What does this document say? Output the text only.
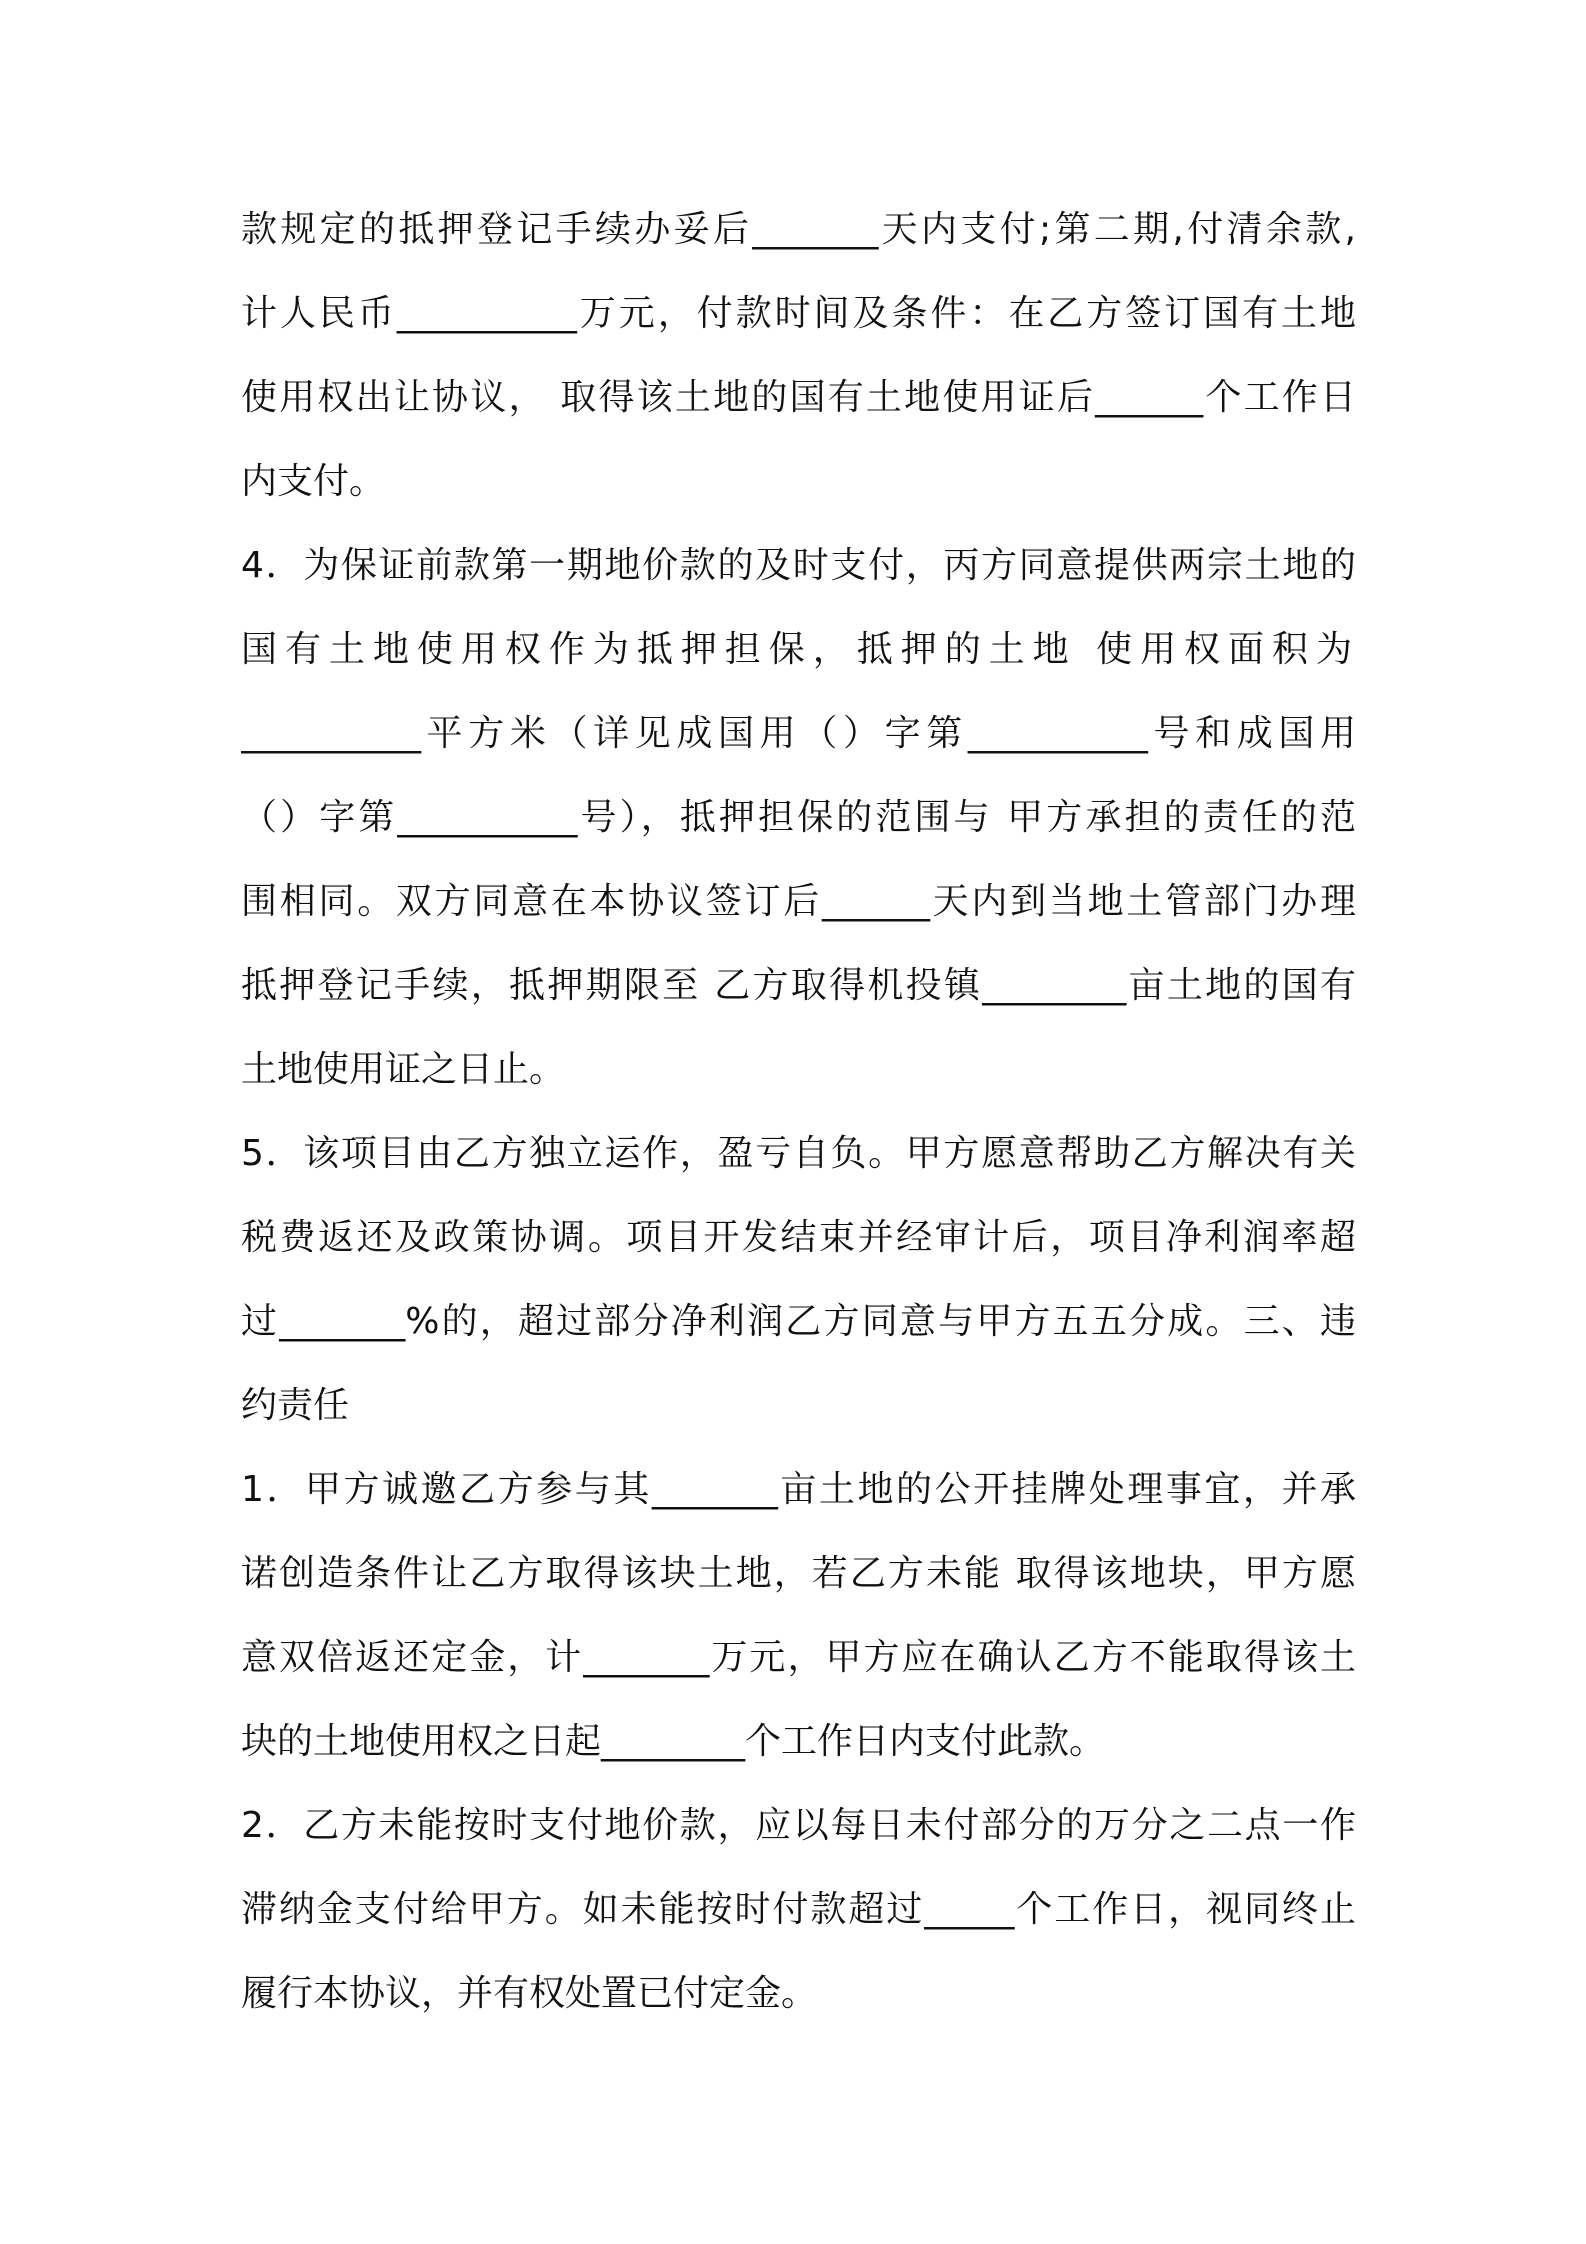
款规定的抵押登记手续办妥后_______天内支付;第二期,付清余款,
计人民币__________万元，付款时间及条件：在乙方签订国有土地
使用权出让协议， 取得该土地的国有土地使用证后______个工作日
内支付。
4．为保证前款第一期地价款的及时支付，丙方同意提供两宗土地的
国有土地使用权作为抵押担保，抵押的土地 使用权面积为
__________平方米（详见成国用（）字第__________号和成国用
（）字第__________号），抵押担保的范围与 甲方承担的责任的范
围相同。双方同意在本协议签订后______天内到当地土管部门办理
抵押登记手续，抵押期限至 乙方取得机投镇________亩土地的国有
土地使用证之日止。
5．该项目由乙方独立运作，盈亏自负。甲方愿意帮助乙方解决有关
税费返还及政策协调。项目开发结束并经审计后，项目净利润率超
过_______%的，超过部分净利润乙方同意与甲方五五分成。三、违
约责任
1．甲方诚邀乙方参与其_______亩土地的公开挂牌处理事宜，并承
诺创造条件让乙方取得该块土地，若乙方未能 取得该地块，甲方愿
意双倍返还定金，计_______万元，甲方应在确认乙方不能取得该土
块的土地使用权之日起________个工作日内支付此款。
2．乙方未能按时支付地价款，应以每日未付部分的万分之二点一作
滞纳金支付给甲方。如未能按时付款超过_____个工作日，视同终止
履行本协议，并有权处置已付定金。
